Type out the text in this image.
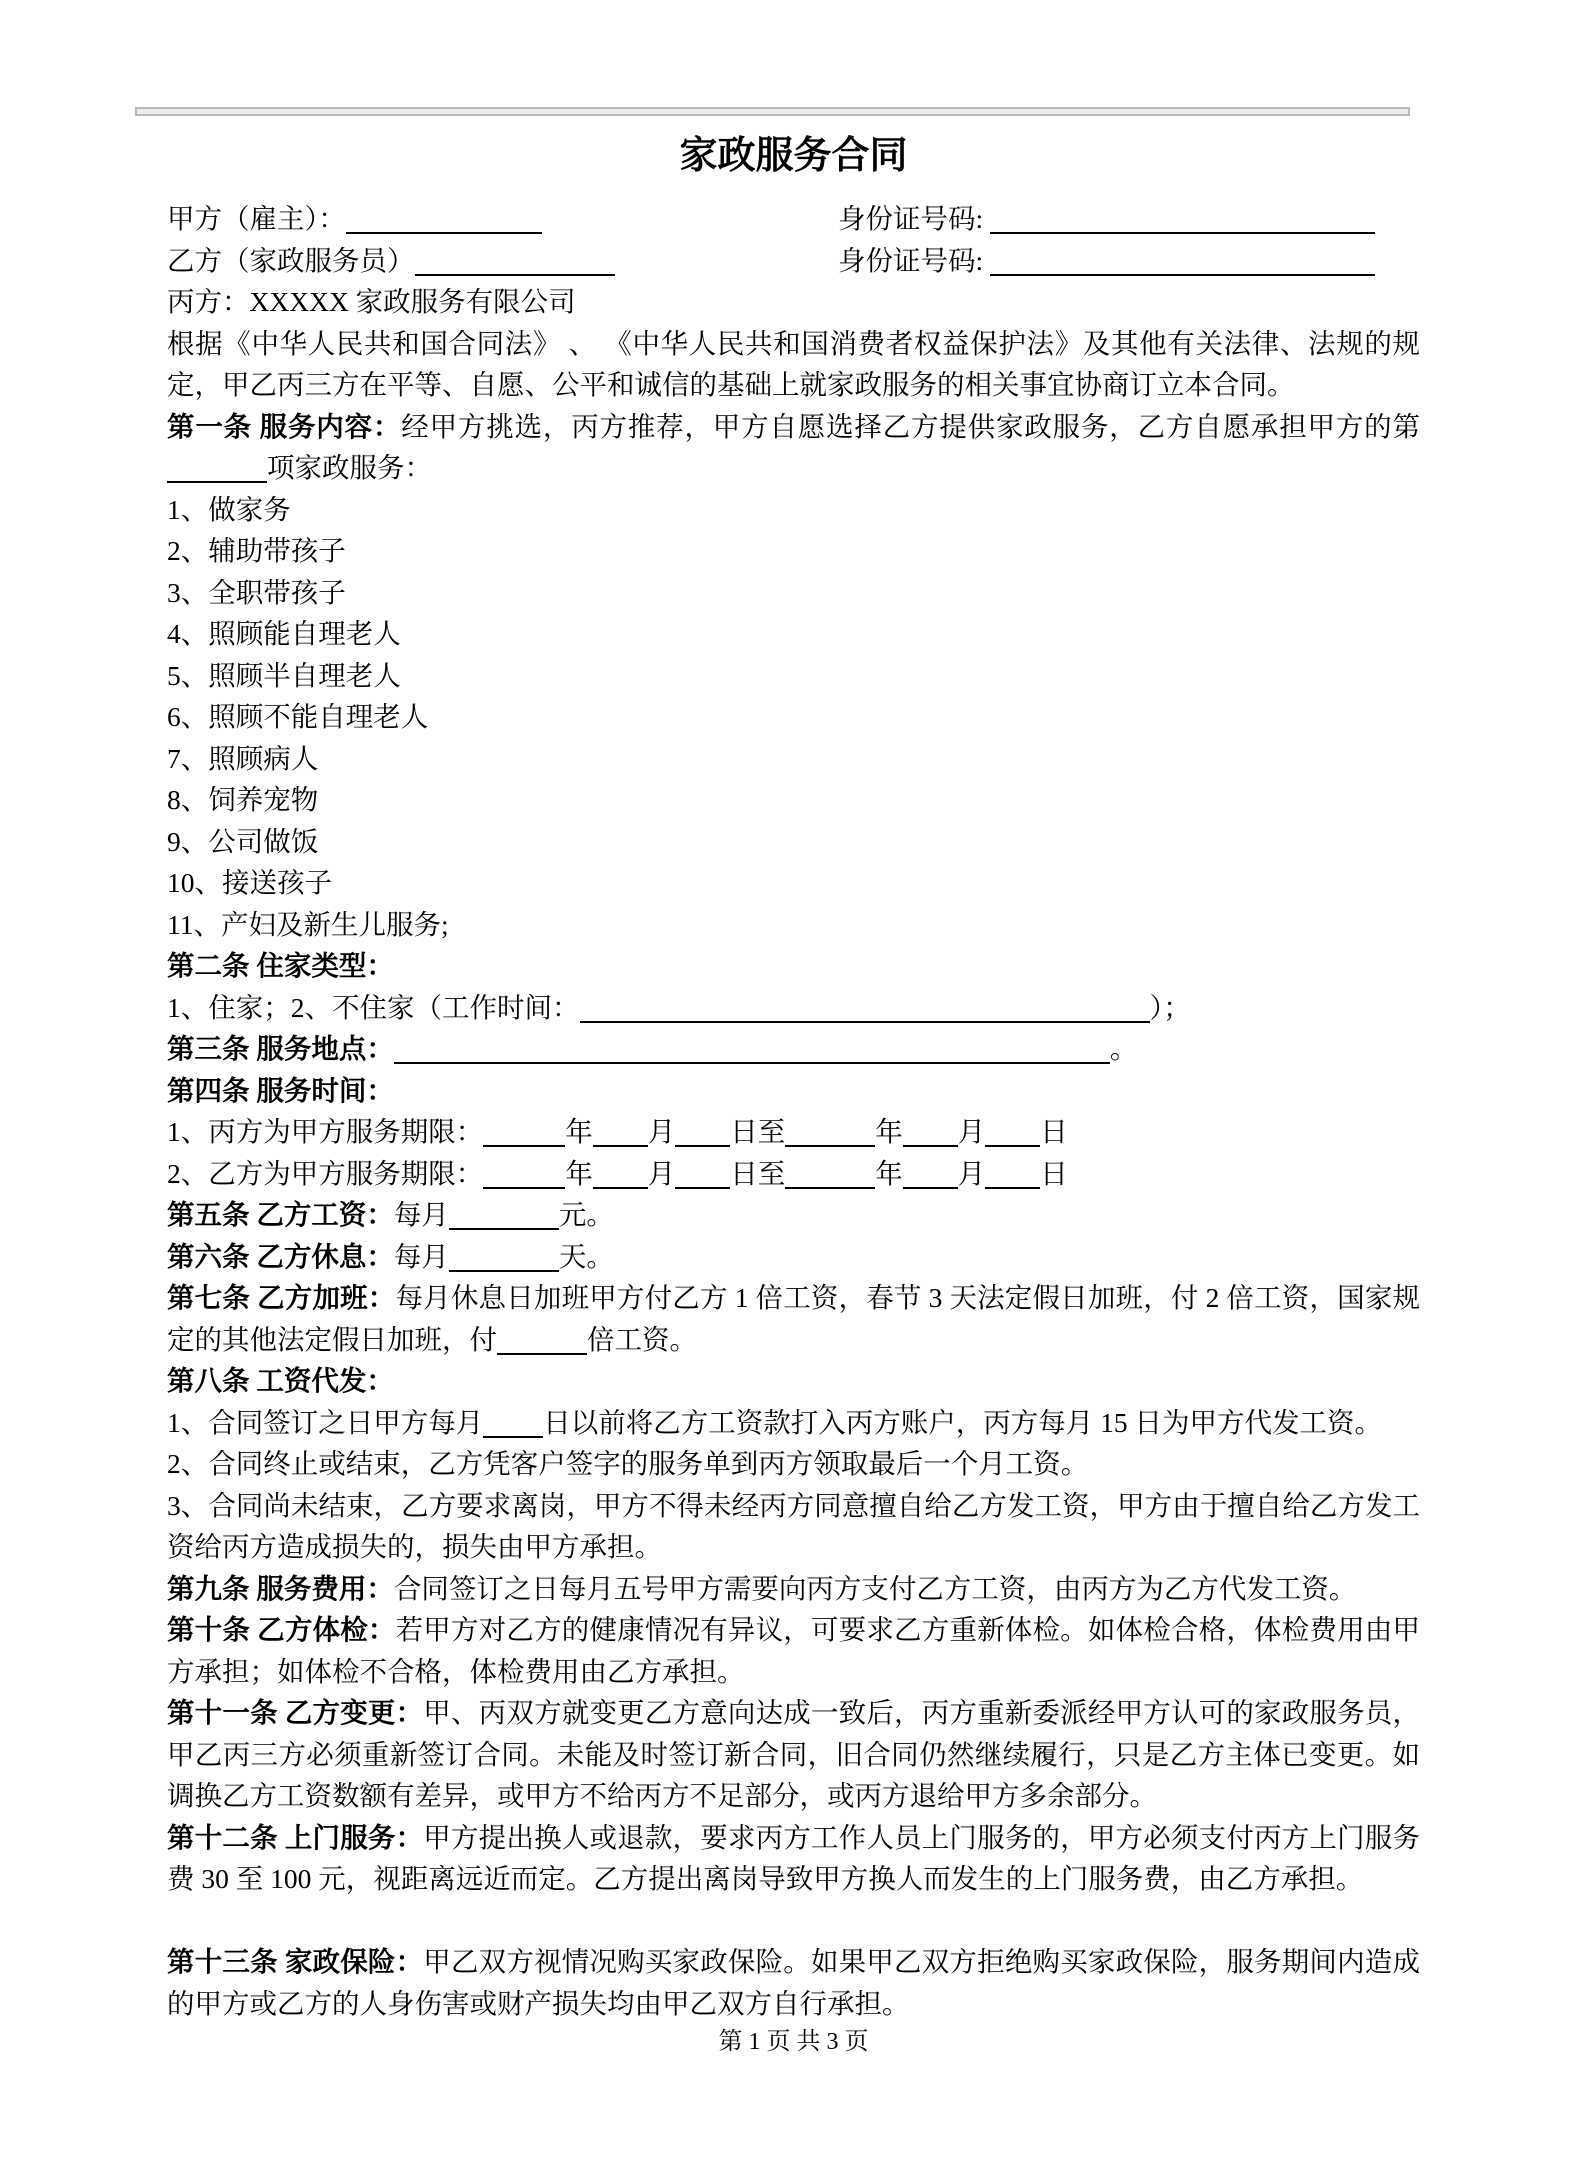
家政服务合同
甲方（雇主）：	身份证号码:
乙方（家政服务员）	身份证号码:
丙方：XXXXX 家政服务有限公司
根据《中华人民共和国合同法》 、 《中华人民共和国消费者权益保护法》及其他有关法律、法规的规定，甲乙丙三方在平等、自愿、公平和诚信的基础上就家政服务的相关事宜协商订立本合同。
第一条 服务内容：经甲方挑选，丙方推荐，甲方自愿选择乙方提供家政服务，乙方自愿承担甲方的第项家政服务：
1、做家务
2、辅助带孩子
3、全职带孩子
4、照顾能自理老人
5、照顾半自理老人
6、照顾不能自理老人
7、照顾病人
8、饲养宠物
9、公司做饭
10、接送孩子
11、产妇及新生儿服务;
第二条 住家类型：
1、住家；2、不住家（工作时间：	）；
第三条 服务地点：	。
第四条 服务时间：
1、丙方为甲方服务期限：	年 月 日至	年 月 日
2、乙方为甲方服务期限：	年 月 日至	年 月 日
第五条 乙方工资：每月	元。
第六条 乙方休息：每月	天。
第七条 乙方加班：每月休息日加班甲方付乙方 1 倍工资，春节 3 天法定假日加班，付 2 倍工资，国家规定的其他法定假日加班，付	倍工资。
第八条 工资代发：
1、合同签订之日甲方每月 日以前将乙方工资款打入丙方账户，丙方每月 15 日为甲方代发工资。
2、合同终止或结束，乙方凭客户签字的服务单到丙方领取最后一个月工资。
3、合同尚未结束，乙方要求离岗，甲方不得未经丙方同意擅自给乙方发工资，甲方由于擅自给乙方发工资给丙方造成损失的，损失由甲方承担。
第九条 服务费用：合同签订之日每月五号甲方需要向丙方支付乙方工资，由丙方为乙方代发工资。
第十条 乙方体检：若甲方对乙方的健康情况有异议，可要求乙方重新体检。如体检合格，体检费用由甲方承担；如体检不合格，体检费用由乙方承担。
第十一条 乙方变更：甲、丙双方就变更乙方意向达成一致后，丙方重新委派经甲方认可的家政服务员，甲乙丙三方必须重新签订合同。未能及时签订新合同，旧合同仍然继续履行，只是乙方主体已变更。如调换乙方工资数额有差异，或甲方不给丙方不足部分，或丙方退给甲方多余部分。
第十二条 上门服务：甲方提出换人或退款，要求丙方工作人员上门服务的，甲方必须支付丙方上门服务费 30 至 100 元，视距离远近而定。乙方提出离岗导致甲方换人而发生的上门服务费，由乙方承担。
第十三条 家政保险：甲乙双方视情况购买家政保险。如果甲乙双方拒绝购买家政保险，服务期间内造成的甲方或乙方的人身伤害或财产损失均由甲乙双方自行承担。
第 1 页 共 3 页
